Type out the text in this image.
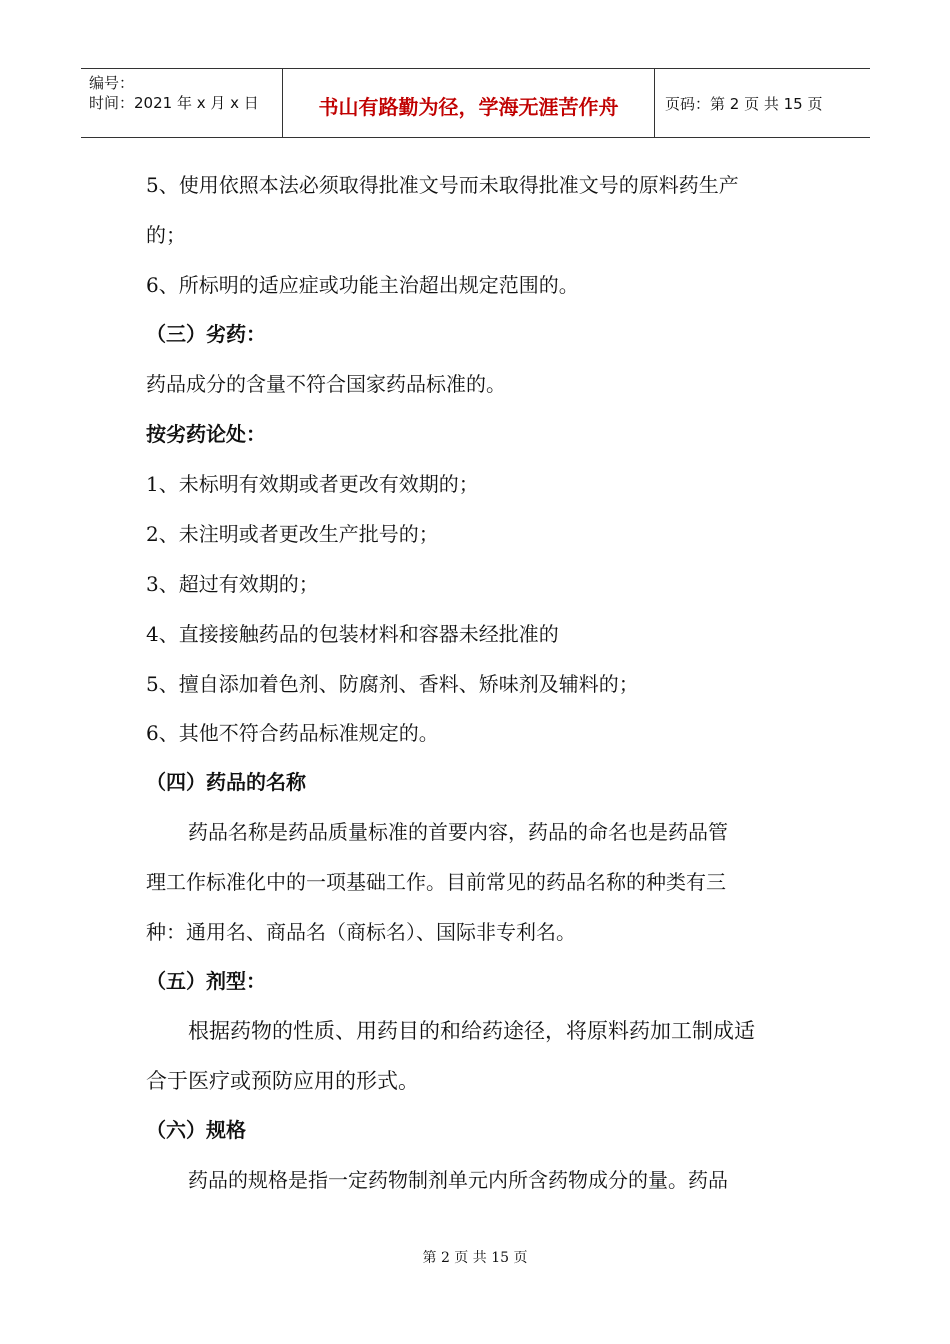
编号：
时间：2021 年 x 月 x 日	书山有路勤为径，学海无涯苦作舟	页码：第 2 页 共 15 页
5、使用依照本法必须取得批准文号而未取得批准文号的原料药生产
的；
6、所标明的适应症或功能主治超出规定范围的。
（三）劣药：
药品成分的含量不符合国家药品标准的。
按劣药论处：
1、未标明有效期或者更改有效期的；
2、未注明或者更改生产批号的；
3、超过有效期的；
4、直接接触药品的包装材料和容器未经批准的
5、擅自添加着色剂、防腐剂、香料、矫味剂及辅料的；
6、其他不符合药品标准规定的。
（四）药品的名称
药品名称是药品质量标准的首要内容，药品的命名也是药品管
理工作标准化中的一项基础工作。目前常见的药品名称的种类有三
种：通用名、商品名（商标名）、国际非专利名。
（五）剂型：
根据药物的性质、用药目的和给药途径，将原料药加工制成适
合于医疗或预防应用的形式。
（六）规格
药品的规格是指一定药物制剂单元内所含药物成分的量。药品
第 2 页 共 15 页
